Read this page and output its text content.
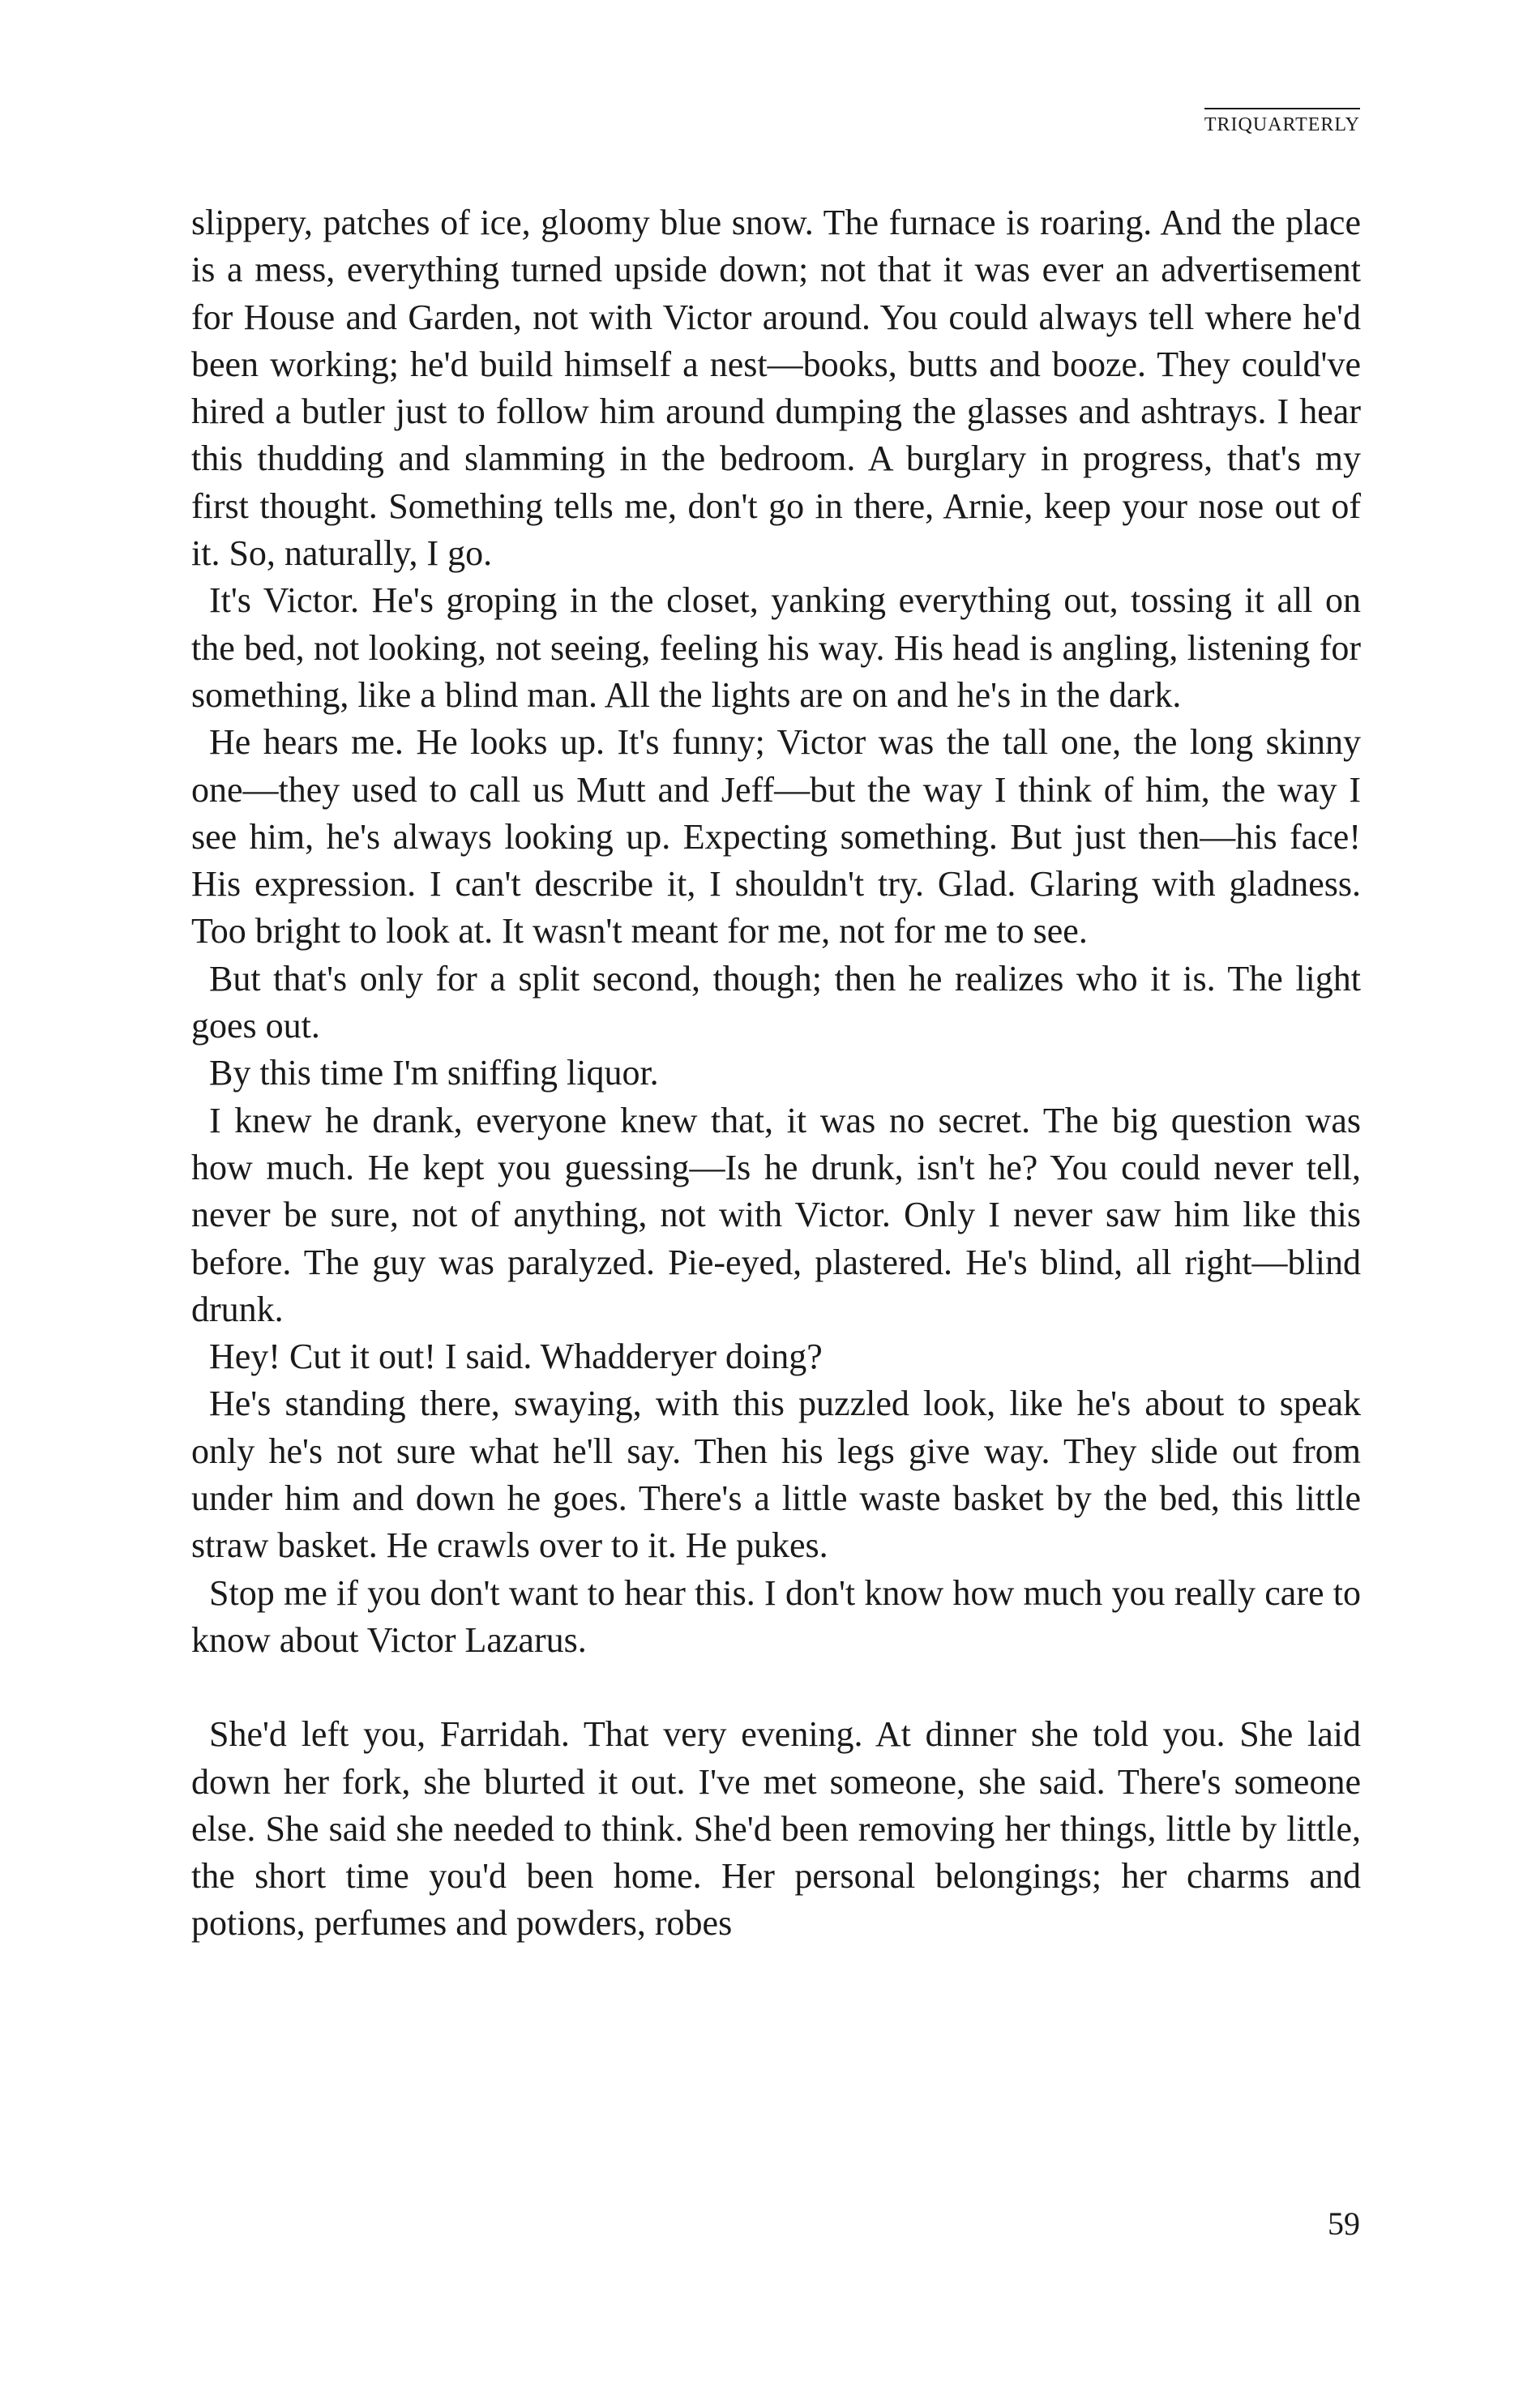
TRIQUARTERLY

slippery, patches of ice, gloomy blue snow. The furnace is roaring. And the place is a mess, everything turned upside down; not that it was ever an advertisement for House and Garden, not with Victor around. You could always tell where he'd been working; he'd build himself a nest—books, butts and booze. They could've hired a butler just to follow him around dumping the glasses and ashtrays. I hear this thudding and slamming in the bedroom. A burglary in progress, that's my first thought. Something tells me, don't go in there, Arnie, keep your nose out of it. So, naturally, I go.

It's Victor. He's groping in the closet, yanking everything out, tossing it all on the bed, not looking, not seeing, feeling his way. His head is angling, listening for something, like a blind man. All the lights are on and he's in the dark.

He hears me. He looks up. It's funny; Victor was the tall one, the long skinny one—they used to call us Mutt and Jeff—but the way I think of him, the way I see him, he's always looking up. Expecting something. But just then—his face! His expression. I can't describe it, I shouldn't try. Glad. Glaring with gladness. Too bright to look at. It wasn't meant for me, not for me to see.

But that's only for a split second, though; then he realizes who it is. The light goes out.

By this time I'm sniffing liquor.

I knew he drank, everyone knew that, it was no secret. The big question was how much. He kept you guessing—Is he drunk, isn't he? You could never tell, never be sure, not of anything, not with Victor. Only I never saw him like this before. The guy was paralyzed. Pie-eyed, plastered. He's blind, all right—blind drunk.

Hey! Cut it out! I said. Whadderyer doing?

He's standing there, swaying, with this puzzled look, like he's about to speak only he's not sure what he'll say. Then his legs give way. They slide out from under him and down he goes. There's a little waste basket by the bed, this little straw basket. He crawls over to it. He pukes.

Stop me if you don't want to hear this. I don't know how much you really care to know about Victor Lazarus.

She'd left you, Farridah. That very evening. At dinner she told you. She laid down her fork, she blurted it out. I've met someone, she said. There's someone else. She said she needed to think. She'd been removing her things, little by little, the short time you'd been home. Her personal belongings; her charms and potions, perfumes and powders, robes

59
